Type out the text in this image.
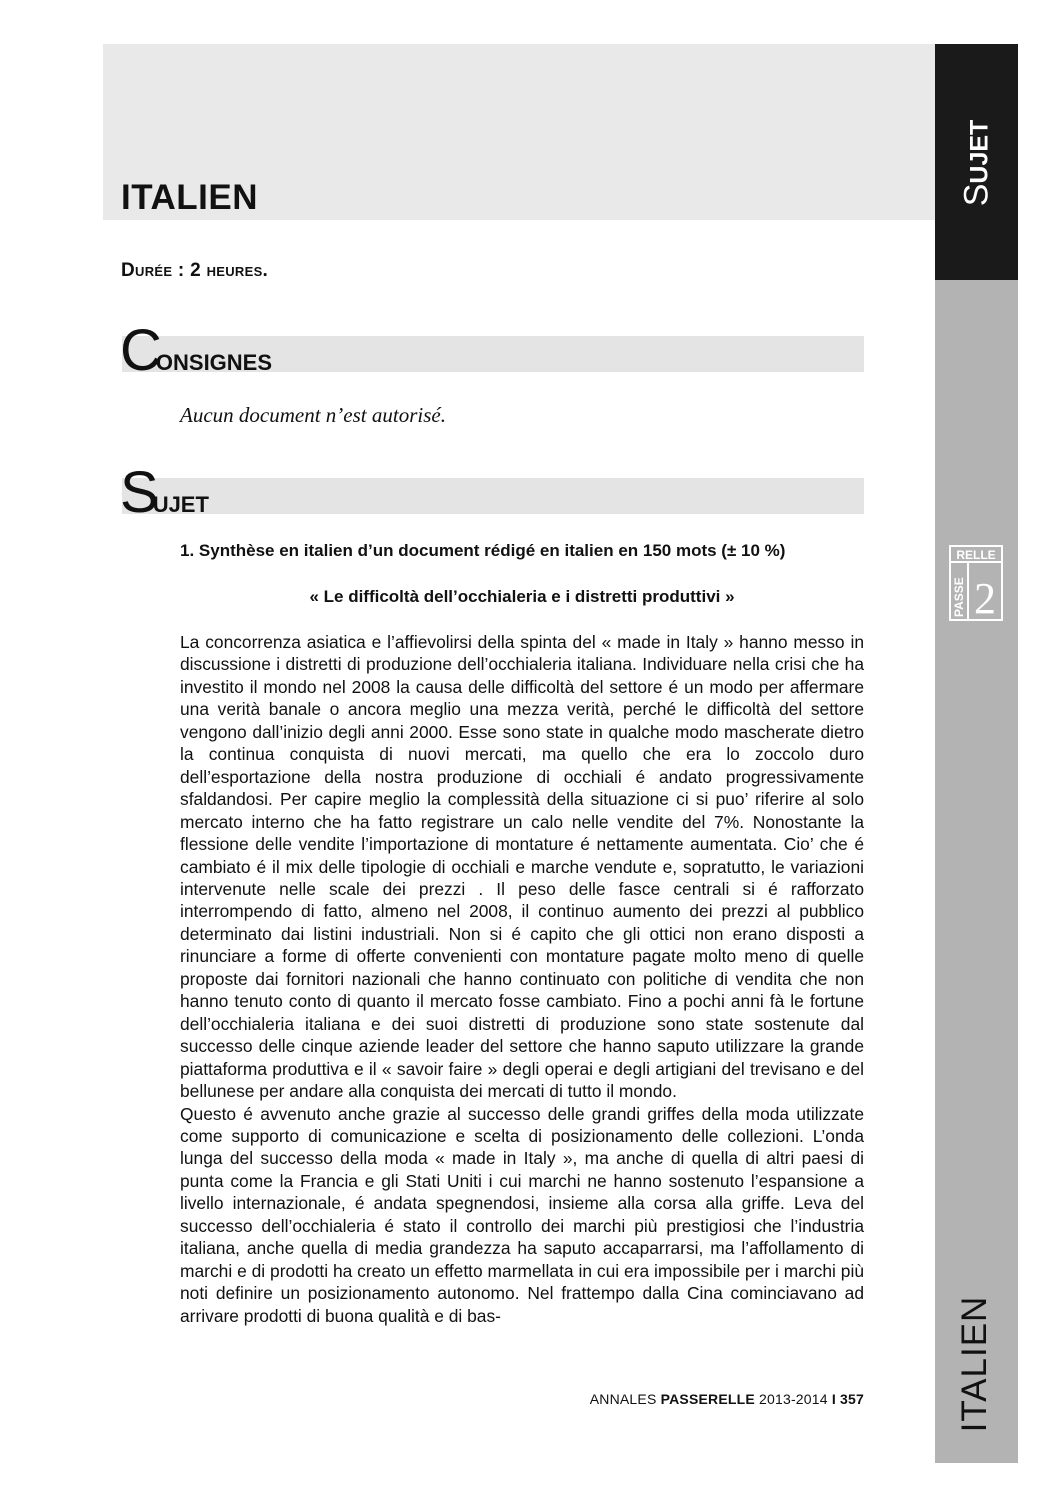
ITALIEN
Durée : 2 heures.
CONSIGNES
Aucun document n’est autorisé.
SUJET
1. Synthèse en italien d’un document rédigé en italien en 150 mots (± 10 %)
« Le difficoltà dell’occhialeria e i distretti produttivi »

La concorrenza asiatica e l’affievolirsi della spinta del « made in Italy » hanno messo in discussione i distretti di produzione dell’occhialeria italiana. Individuare nella crisi che ha investito il mondo nel 2008 la causa delle difficoltà del settore é un modo per affermare una verità banale o ancora meglio una mezza verità, perché le difficoltà del settore vengono dall’inizio degli anni 2000. Esse sono state in qualche modo mascherate dietro la continua conquista di nuovi mercati, ma quello che era lo zoccolo duro dell’esportazione della nostra produzione di occhiali é andato progressivamente sfaldandosi. Per capire meglio la complessità della situazione ci si puo’ riferire al solo mercato interno che ha fatto registrare un calo nelle vendite del 7%. Nonostante la flessione delle vendite l’importazione di montature é nettamente aumentata. Cio’ che é cambiato é il mix delle tipologie di occhiali e marche vendute e, sopratutto, le variazioni intervenute nelle scale dei prezzi . Il peso delle fasce centrali si é rafforzato interrompendo di fatto, almeno nel 2008, il continuo aumento dei prezzi al pubblico determinato dai listini industriali. Non si é capito che gli ottici non erano disposti a rinunciare a forme di offerte convenienti con montature pagate molto meno di quelle proposte dai fornitori nazionali che hanno continuato con politiche di vendita che non hanno tenuto conto di quanto il mercato fosse cambiato. Fino a pochi anni fà le fortune dell’occhialeria italiana e dei suoi distretti di produzione sono state sostenute dal successo delle cinque aziende leader del settore che hanno saputo utilizzare la grande piattaforma produttiva e il « savoir faire » degli operai e degli artigiani del trevisano e del bellunese per andare alla conquista dei mercati di tutto il mondo.

Questo é avvenuto anche grazie al successo delle grandi griffes della moda utilizzate come supporto di comunicazione e scelta di posizionamento delle collezioni. L’onda lunga del successo della moda « made in Italy », ma anche di quella di altri paesi di punta come la Francia e gli Stati Uniti i cui marchi ne hanno sostenuto l’espansione a livello internazionale, é andata spegnendosi, insieme alla corsa alla griffe. Leva del successo dell’occhialeria é stato il controllo dei marchi più prestigiosi che l’industria italiana, anche quella di media grandezza ha saputo accaparrarsi, ma l’affollamento di marchi e di prodotti ha creato un effetto marmellata in cui era impossibile per i marchi più noti definire un posizionamento autonomo. Nel frattempo dalla Cina cominciavano ad arrivare prodotti di buona qualità e di bas-

ANNALES PASSERELLE 2013-2014 I 357
SUJET
ITALIEN
RELLE
PASSE 2
